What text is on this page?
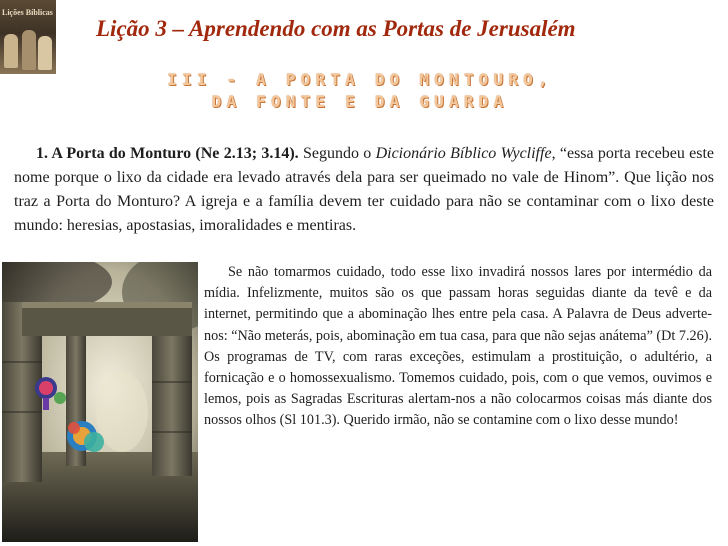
Lições Bíblicas
Lição 3 – Aprendendo com as Portas de Jerusalém
III - A PORTA DO MONTOURO,
DA FONTE E DA GUARDA

1. A Porta do Monturo (Ne 2.13; 3.14). Segundo o Dicionário Bíblico Wycliffe, “essa porta recebeu este nome porque o lixo da cidade era levado através dela para ser queimado no vale de Hinom”. Que lição nos traz a Porta do Monturo? A igreja e a família devem ter cuidado para não se contaminar com o lixo deste mundo: heresias, apostasias, imoralidades e mentiras.

Se não tomarmos cuidado, todo esse lixo invadirá nossos lares por intermédio da mídia. Infelizmente, muitos são os que passam horas seguidas diante da tevê e da internet, permitindo que a abominação lhes entre pela casa. A Palavra de Deus adverte-nos: “Não meterás, pois, abominação em tua casa, para que não sejas anátema” (Dt 7.26). Os programas de TV, com raras exceções, estimulam a prostituição, o adultério, a fornicação e o homossexualismo. Tomemos cuidado, pois, com o que vemos, ouvimos e lemos, pois as Sagradas Escrituras alertam-nos a não colocarmos coisas más diante dos nossos olhos (Sl 101.3). Querido irmão, não se contamine com o lixo desse mundo!
